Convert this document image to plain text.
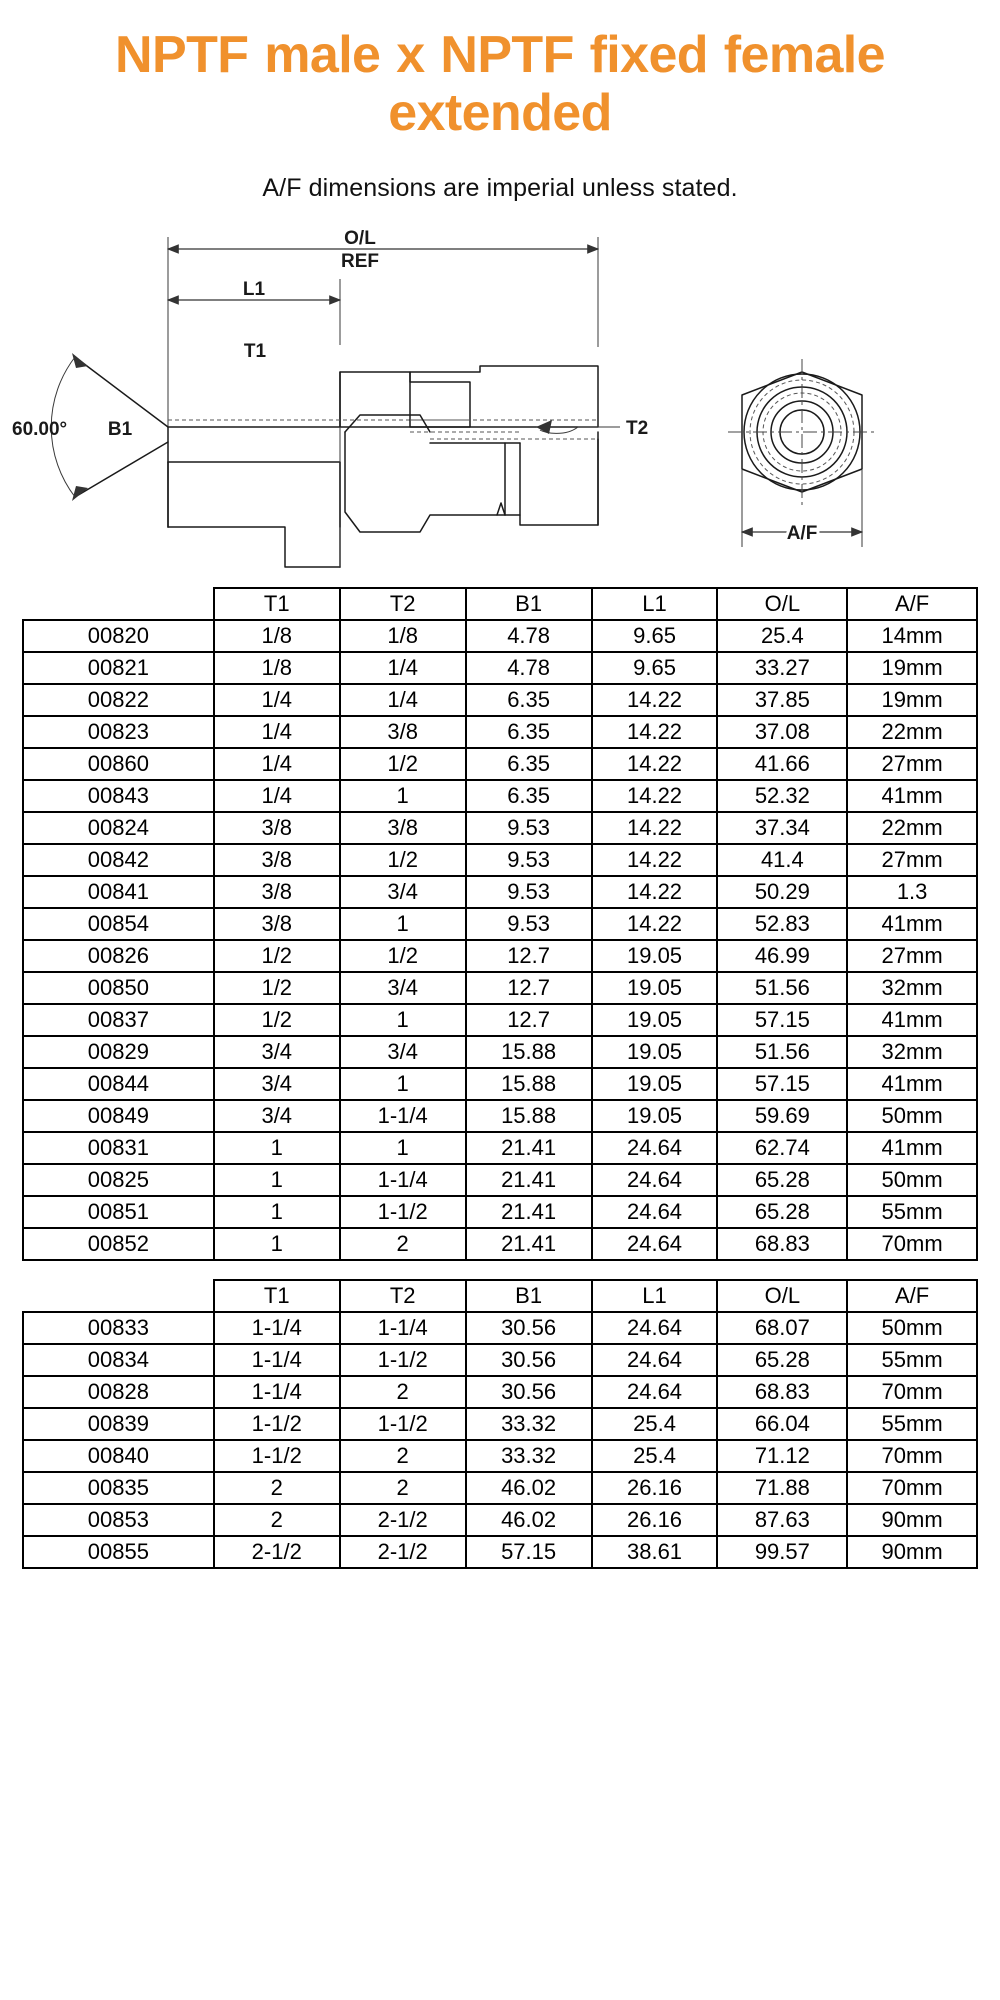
NPTF male x NPTF fixed female extended
A/F dimensions are imperial unless stated.
O/L
REF
L1
T1
60.00° B1	T2
A/F
	T1	T2	B1	L1	O/L	A/F
00820	1/8	1/8	4.78	9.65	25.4	14mm
00821	1/8	1/4	4.78	9.65	33.27	19mm
00822	1/4	1/4	6.35	14.22	37.85	19mm
00823	1/4	3/8	6.35	14.22	37.08	22mm
00860	1/4	1/2	6.35	14.22	41.66	27mm
00843	1/4	1	6.35	14.22	52.32	41mm
00824	3/8	3/8	9.53	14.22	37.34	22mm
00842	3/8	1/2	9.53	14.22	41.4	27mm
00841	3/8	3/4	9.53	14.22	50.29	1.3
00854	3/8	1	9.53	14.22	52.83	41mm
00826	1/2	1/2	12.7	19.05	46.99	27mm
00850	1/2	3/4	12.7	19.05	51.56	32mm
00837	1/2	1	12.7	19.05	57.15	41mm
00829	3/4	3/4	15.88	19.05	51.56	32mm
00844	3/4	1	15.88	19.05	57.15	41mm
00849	3/4	1-1/4	15.88	19.05	59.69	50mm
00831	1	1	21.41	24.64	62.74	41mm
00825	1	1-1/4	21.41	24.64	65.28	50mm
00851	1	1-1/2	21.41	24.64	65.28	55mm
00852	1	2	21.41	24.64	68.83	70mm
	T1	T2	B1	L1	O/L	A/F
00833	1-1/4	1-1/4	30.56	24.64	68.07	50mm
00834	1-1/4	1-1/2	30.56	24.64	65.28	55mm
00828	1-1/4	2	30.56	24.64	68.83	70mm
00839	1-1/2	1-1/2	33.32	25.4	66.04	55mm
00840	1-1/2	2	33.32	25.4	71.12	70mm
00835	2	2	46.02	26.16	71.88	70mm
00853	2	2-1/2	46.02	26.16	87.63	90mm
00855	2-1/2	2-1/2	57.15	38.61	99.57	90mm
